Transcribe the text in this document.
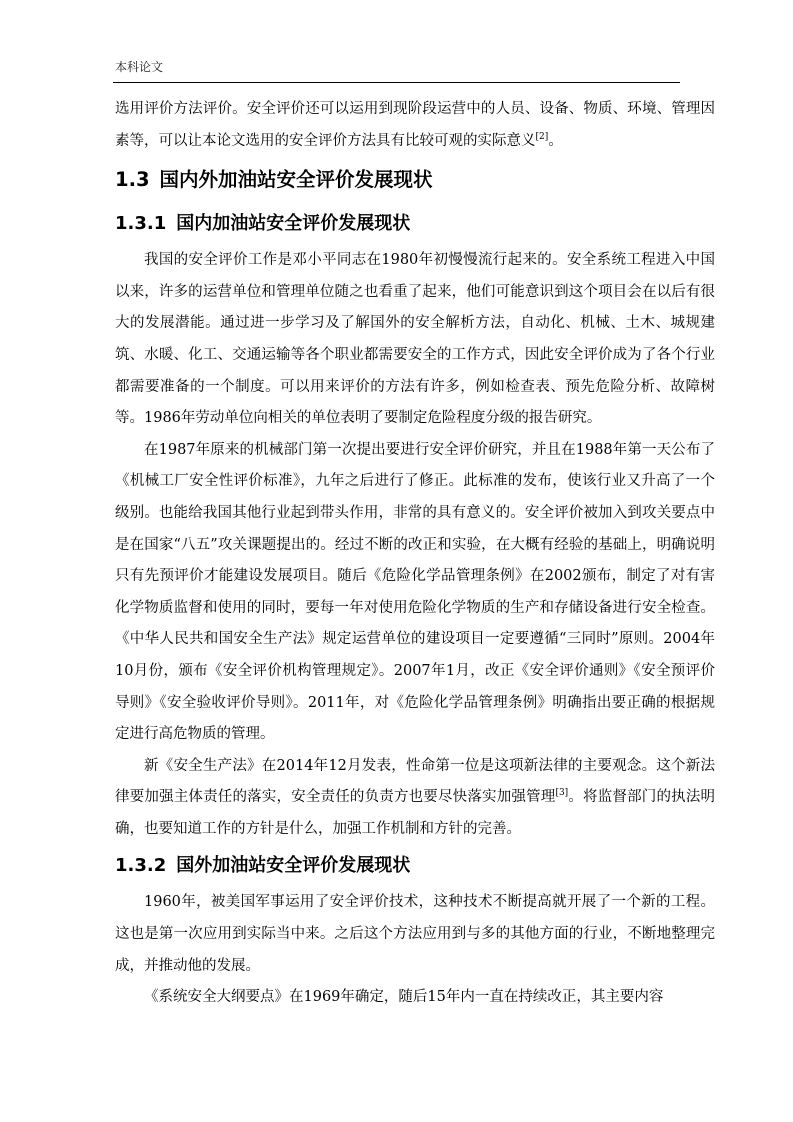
本科论文

选用评价方法评价。安全评价还可以运用到现阶段运营中的人员、设备、物质、环境、管理因素等，可以让本论文选用的安全评价方法具有比较可观的实际意义[2]。

1.3 国内外加油站安全评价发展现状
1.3.1 国内加油站安全评价发展现状

我国的安全评价工作是邓小平同志在1980年初慢慢流行起来的。安全系统工程进入中国以来，许多的运营单位和管理单位随之也看重了起来，他们可能意识到这个项目会在以后有很大的发展潜能。通过进一步学习及了解国外的安全解析方法，自动化、机械、土木、城规建筑、水暖、化工、交通运输等各个职业都需要安全的工作方式，因此安全评价成为了各个行业都需要准备的一个制度。可以用来评价的方法有许多，例如检查表、预先危险分析、故障树等。1986年劳动单位向相关的单位表明了要制定危险程度分级的报告研究。

在1987年原来的机械部门第一次提出要进行安全评价研究，并且在1988年第一天公布了《机械工厂安全性评价标准》，九年之后进行了修正。此标准的发布，使该行业又升高了一个级别。也能给我国其他行业起到带头作用，非常的具有意义的。安全评价被加入到攻关要点中是在国家“八五”攻关课题提出的。经过不断的改正和实验，在大概有经验的基础上，明确说明只有先预评价才能建设发展项目。随后《危险化学品管理条例》在2002颁布，制定了对有害化学物质监督和使用的同时，要每一年对使用危险化学物质的生产和存储设备进行安全检查。《中华人民共和国安全生产法》规定运营单位的建设项目一定要遵循“三同时”原则。2004年10月份，颁布《安全评价机构管理规定》。2007年1月，改正《安全评价通则》《安全预评价导则》《安全验收评价导则》。2011年，对《危险化学品管理条例》明确指出要正确的根据规定进行高危物质的管理。

新《安全生产法》在2014年12月发表，性命第一位是这项新法律的主要观念。这个新法律要加强主体责任的落实，安全责任的负责方也要尽快落实加强管理[3]。将监督部门的执法明确，也要知道工作的方针是什么，加强工作机制和方针的完善。

1.3.2 国外加油站安全评价发展现状

1960年，被美国军事运用了安全评价技术，这种技术不断提高就开展了一个新的工程。这也是第一次应用到实际当中来。之后这个方法应用到与多的其他方面的行业，不断地整理完成，并推动他的发展。

《系统安全大纲要点》在1969年确定，随后15年内一直在持续改正，其主要内容
